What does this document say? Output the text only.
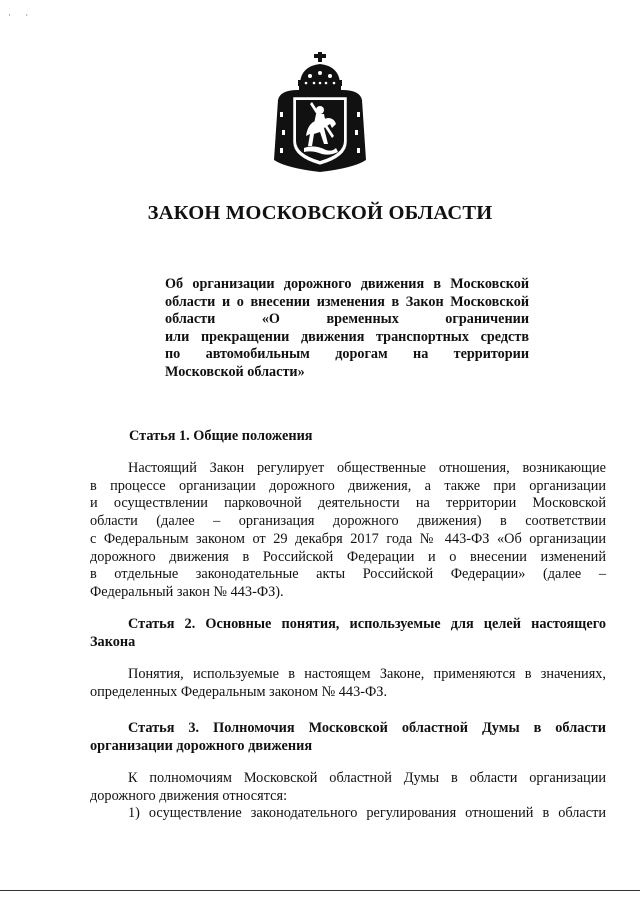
· ·
ЗАКОН МОСКОВСКОЙ ОБЛАСТИ
Об организации дорожного движения в Московской
области и о внесении изменения в Закон Московской
области «О временных ограничении
или прекращении движения транспортных средств
по автомобильным дорогам на территории
Московской области»
Статья 1. Общие положения
Настоящий Закон регулирует общественные отношения, возникающие
в процессе организации дорожного движения, а также при организации
и осуществлении парковочной деятельности на территории Московской
области (далее – организация дорожного движения) в соответствии
с Федеральным законом от 29 декабря 2017 года № 443-ФЗ «Об организации
дорожного движения в Российской Федерации и о внесении изменений
в отдельные законодательные акты Российской Федерации» (далее –
Федеральный закон № 443-ФЗ).
Статья 2. Основные понятия, используемые для целей настоящего
Закона
Понятия, используемые в настоящем Законе, применяются в значениях,
определенных Федеральным законом № 443-ФЗ.
Статья 3. Полномочия Московской областной Думы в области
организации дорожного движения
К полномочиям Московской областной Думы в области организации
дорожного движения относятся:
1) осуществление законодательного регулирования отношений в области
